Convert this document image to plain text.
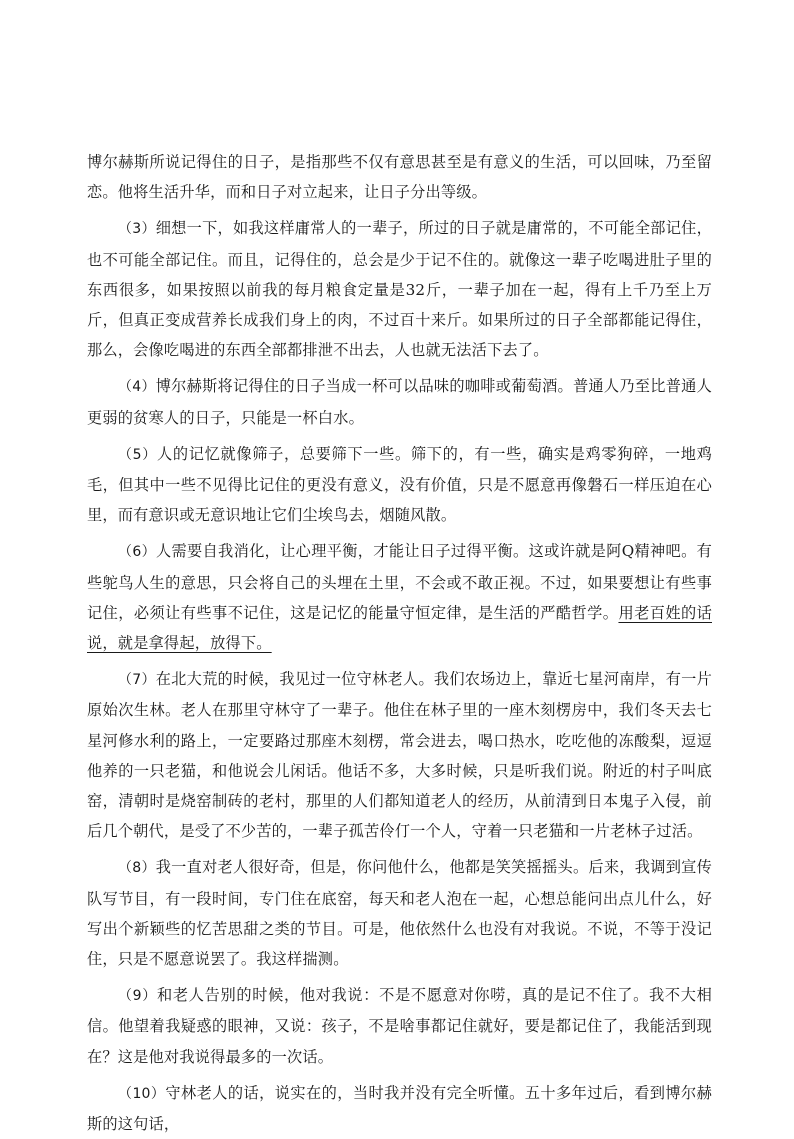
博尔赫斯所说记得住的日子，是指那些不仅有意思甚至是有意义的生活，可以回味，乃至留恋。他将生活升华，而和日子对立起来，让日子分出等级。

（3）细想一下，如我这样庸常人的一辈子，所过的日子就是庸常的，不可能全部记住，也不可能全部记住。而且，记得住的，总会是少于记不住的。就像这一辈子吃喝进肚子里的东西很多，如果按照以前我的每月粮食定量是32斤，一辈子加在一起，得有上千乃至上万斤，但真正变成营养长成我们身上的肉，不过百十来斤。如果所过的日子全部都能记得住，那么，会像吃喝进的东西全部都排泄不出去，人也就无法活下去了。

（4）博尔赫斯将记得住的日子当成一杯可以品味的咖啡或葡萄酒。普通人乃至比普通人更弱的贫寒人的日子，只能是一杯白水。

（5）人的记忆就像筛子，总要筛下一些。筛下的，有一些，确实是鸡零狗碎，一地鸡毛，但其中一些不见得比记住的更没有意义，没有价值，只是不愿意再像磐石一样压迫在心里，而有意识或无意识地让它们尘埃鸟去，烟随风散。

（6）人需要自我消化，让心理平衡，才能让日子过得平衡。这或许就是阿Q精神吧。有些鸵鸟人生的意思，只会将自己的头埋在土里，不会或不敢正视。不过，如果要想让有些事记住，必须让有些事不记住，这是记忆的能量守恒定律，是生活的严酷哲学。用老百姓的话说，就是拿得起，放得下。

（7）在北大荒的时候，我见过一位守林老人。我们农场边上，靠近七星河南岸，有一片原始次生林。老人在那里守林守了一辈子。他住在林子里的一座木刻楞房中，我们冬天去七星河修水利的路上，一定要路过那座木刻楞，常会进去，喝口热水，吃吃他的冻酸梨，逗逗他养的一只老猫，和他说会儿闲话。他话不多，大多时候，只是听我们说。附近的村子叫底窑，清朝时是烧窑制砖的老村，那里的人们都知道老人的经历，从前清到日本鬼子入侵，前后几个朝代，是受了不少苦的，一辈子孤苦伶仃一个人，守着一只老猫和一片老林子过活。

（8）我一直对老人很好奇，但是，你问他什么，他都是笑笑摇摇头。后来，我调到宣传队写节目，有一段时间，专门住在底窑，每天和老人泡在一起，心想总能问出点儿什么，好写出个新颖些的忆苦思甜之类的节目。可是，他依然什么也没有对我说。不说，不等于没记住，只是不愿意说罢了。我这样揣测。

（9）和老人告别的时候，他对我说：不是不愿意对你唠，真的是记不住了。我不大相信。他望着我疑惑的眼神，又说：孩子，不是啥事都记住就好，要是都记住了，我能活到现在？这是他对我说得最多的一次话。

（10）守林老人的话，说实在的，当时我并没有完全听懂。五十多年过后，看到博尔赫斯的这句话，
